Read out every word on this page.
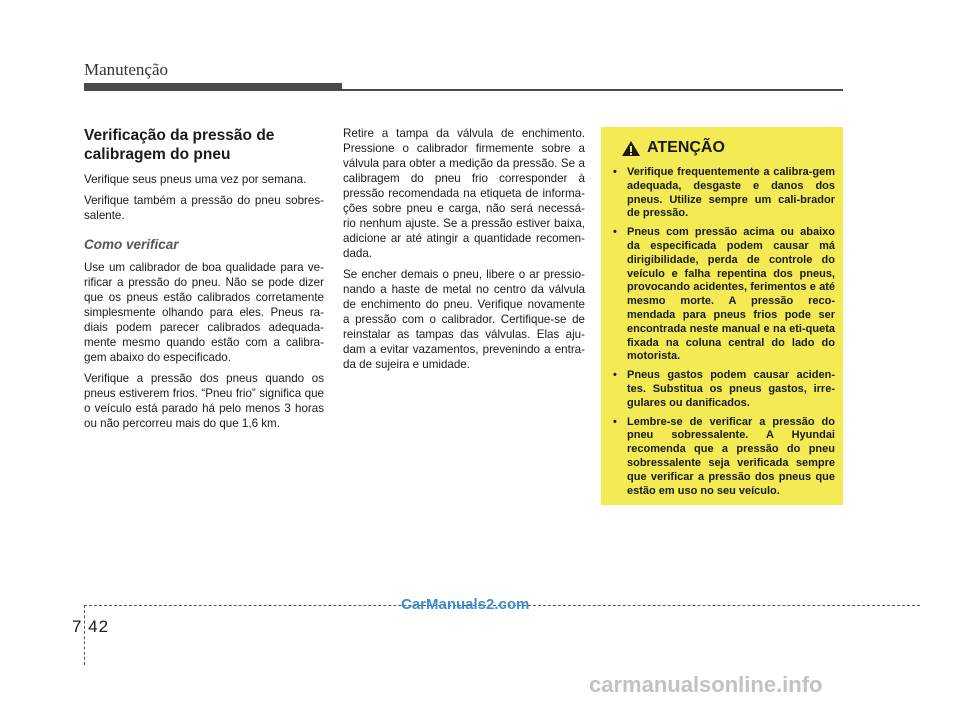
Manutenção
Verificação da pressão de calibragem do pneu

Verifique seus pneus uma vez por semana.

Verifique também a pressão do pneu sobres-salente.

Como verificar

Use um calibrador de boa qualidade para ve-rificar a pressão do pneu. Não se pode dizer que os pneus estão calibrados corretamente simplesmente olhando para eles. Pneus ra-diais podem parecer calibrados adequada-mente mesmo quando estão com a calibra-gem abaixo do especificado.

Verifique a pressão dos pneus quando os pneus estiverem frios. “Pneu frio” significa que o veículo está parado há pelo menos 3 horas ou não percorreu mais do que 1,6 km.

Retire a tampa da válvula de enchimento. Pressione o calibrador firmemente sobre a válvula para obter a medição da pressão. Se a calibragem do pneu frio corresponder à pressão recomendada na etiqueta de informa-ções sobre pneu e carga, não será necessá-rio nenhum ajuste. Se a pressão estiver baixa, adicione ar até atingir a quantidade recomen-dada.

Se encher demais o pneu, libere o ar pressio-nando a haste de metal no centro da válvula de enchimento do pneu. Verifique novamente a pressão com o calibrador. Certifique-se de reinstalar as tampas das válvulas. Elas aju-dam a evitar vazamentos, prevenindo a entra-da de sujeira e umidade.

ATENÇÃO
• Verifique frequentemente a calibra-gem adequada, desgaste e danos dos pneus. Utilize sempre um cali-brador de pressão.
• Pneus com pressão acima ou abaixo da especificada podem causar má dirigibilidade, perda de controle do veículo e falha repentina dos pneus, provocando acidentes, ferimentos e até mesmo morte. A pressão reco-mendada para pneus frios pode ser encontrada neste manual e na eti-queta fixada na coluna central do lado do motorista.
• Pneus gastos podem causar aciden-tes. Substitua os pneus gastos, irre-gulares ou danificados.
• Lembre-se de verificar a pressão do pneu sobressalente. A Hyundai recomenda que a pressão do pneu sobressalente seja verificada sempre que verificar a pressão dos pneus que estão em uso no seu veículo.
7 42
CarManuals2.com
carmanualsonline.info
